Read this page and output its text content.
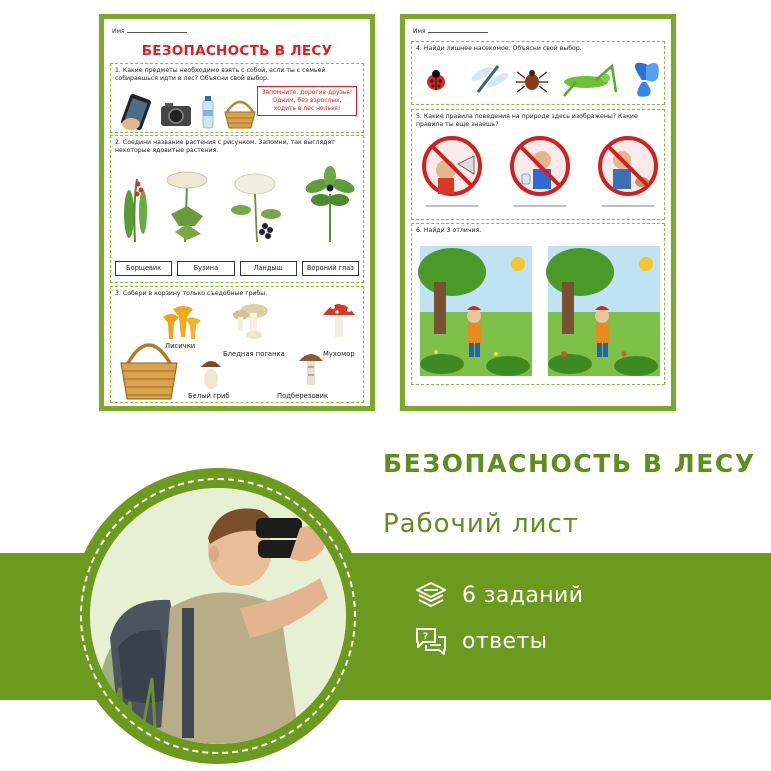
Имя
БЕЗОПАСНОСТЬ В ЛЕСУ
1. Какие предметы необходимо взять с собой, если ты с семьей собираешься идти в лес? Объясни свой выбор.
Запомните, дорогие друзья! Одним, без взрослых, ходить в лес нельзя!
2. Соедини название растения с рисунком. Запомни, так выглядят некоторые ядовитые растения.
Борщевик	Бузина	Ландыш	Вороний глаз
3. Собери в корзину только съедобные грибы.
Лисички
Бледная поганка	Мухомор
Белый гриб	Подберезовик
Имя
4. Найди лишнее насекомое. Объясни свой выбор.
5. Какие правила поведения на природе здесь изображены? Какие правила ты еще знаешь?
6. Найди 3 отличия.
БЕЗОПАСНОСТЬ В ЛЕСУ
Рабочий лист
6 заданий
? ответы
